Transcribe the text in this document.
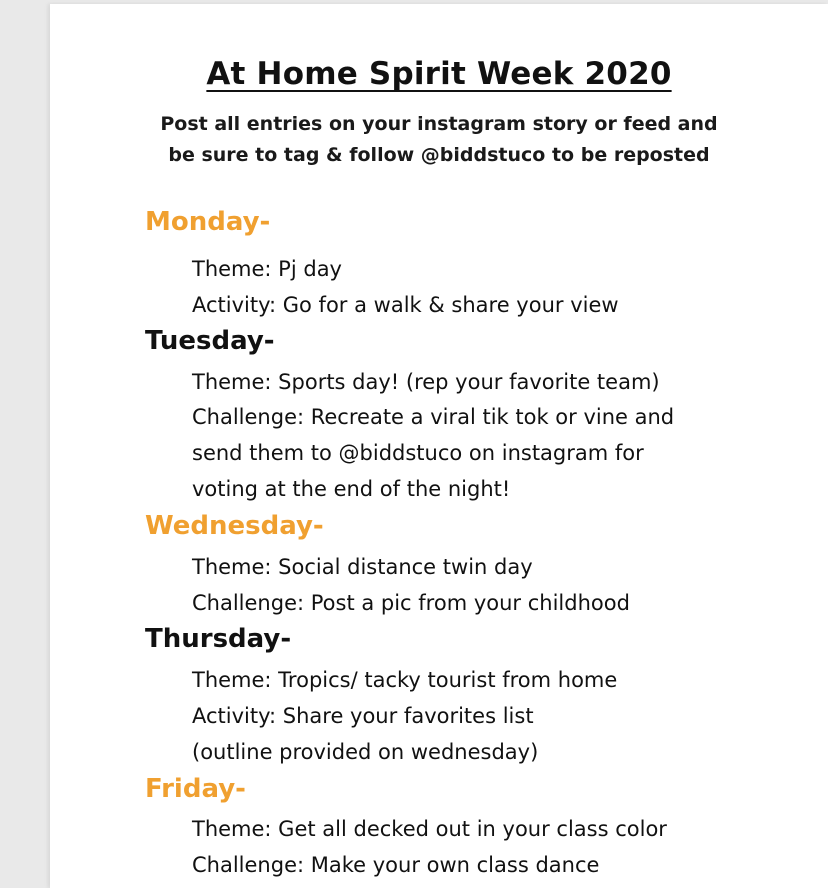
At Home Spirit Week 2020
Post all entries on your instagram story or feed and
be sure to tag & follow @biddstuco to be reposted
Monday-
Theme: Pj day
Activity: Go for a walk & share your view
Tuesday-
Theme: Sports day! (rep your favorite team)
Challenge: Recreate a viral tik tok or vine and
send them to @biddstuco on instagram for
voting at the end of the night!
Wednesday-
Theme: Social distance twin day
Challenge: Post a pic from your childhood
Thursday-
Theme: Tropics/ tacky tourist from home
Activity: Share your favorites list
(outline provided on wednesday)
Friday-
Theme: Get all decked out in your class color
Challenge: Make your own class dance
